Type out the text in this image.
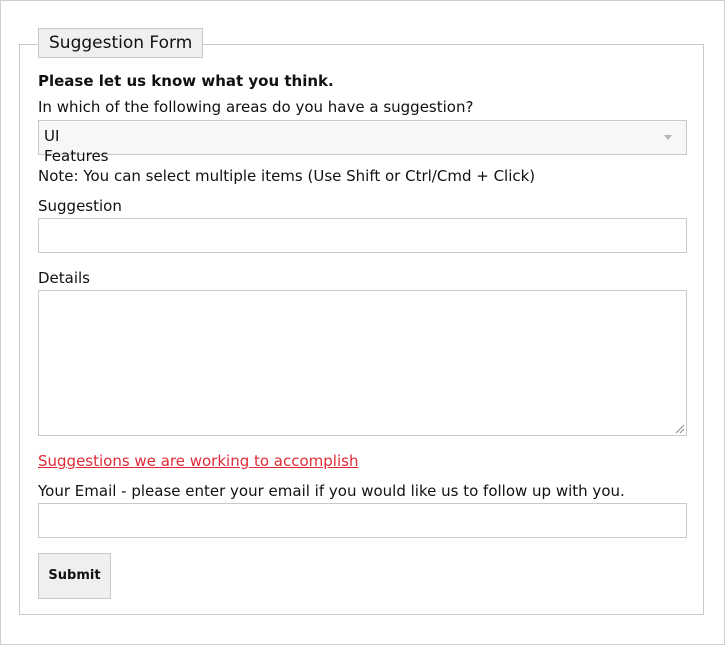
Suggestion Form
Please let us know what you think.
In which of the following areas do you have a suggestion?
UI
Features
Note: You can select multiple items (Use Shift or Ctrl/Cmd + Click)
Suggestion
Details
Suggestions we are working to accomplish
Your Email - please enter your email if you would like us to follow up with you.
Submit
